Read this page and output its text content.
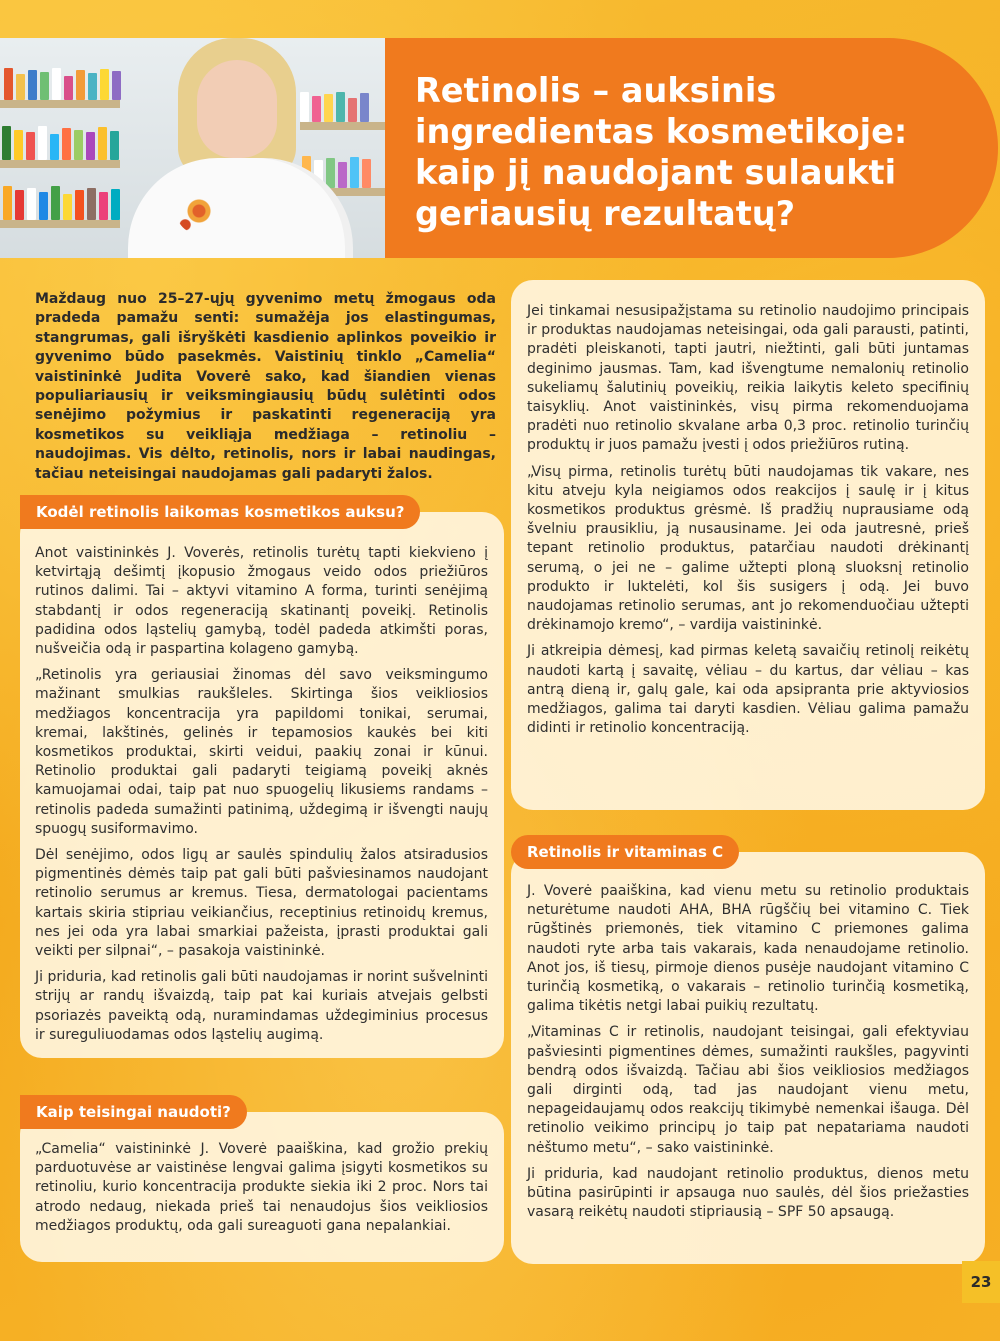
Retinolis – auksinis
ingredientas kosmetikoje:
kaip jį naudojant sulaukti
geriausių rezultatų?

Maždaug nuo 25–27-ųjų gyvenimo metų žmogaus oda pradeda pamažu senti: sumažėja jos elastingumas, stangrumas, gali išryškėti kasdienio aplinkos poveikio ir gyvenimo būdo pasekmės. Vaistinių tinklo „Camelia“ vaistininkė Judita Voverė sako, kad šiandien vienas populiariausių ir veiksmingiausių būdų sulėtinti odos senėjimo požymius ir paskatinti regeneraciją yra kosmetikos su veikliąja medžiaga – retinoliu – naudojimas. Vis dėlto, retinolis, nors ir labai naudingas, tačiau neteisingai naudojamas gali padaryti žalos.

Anot vaistininkės J. Voverės, retinolis turėtų tapti kiekvieno į ketvirtąją dešimtį įkopusio žmogaus veido odos priežiūros rutinos dalimi. Tai – aktyvi vitamino A forma, turinti senėjimą stabdantį ir odos regeneraciją skatinantį poveikį. Retinolis padidina odos ląstelių gamybą, todėl padeda atkimšti poras, nušveičia odą ir paspartina kolageno gamybą.

„Retinolis yra geriausiai žinomas dėl savo veiksmingumo mažinant smulkias raukšleles. Skirtinga šios veikliosios medžiagos koncentracija yra papildomi tonikai, serumai, kremai, lakštinės, gelinės ir tepamosios kaukės bei kiti kosmetikos produktai, skirti veidui, paakių zonai ir kūnui. Retinolio produktai gali padaryti teigiamą poveikį aknės kamuojamai odai, taip pat nuo spuogelių likusiems randams – retinolis padeda sumažinti patinimą, uždegimą ir išvengti naujų spuogų susiformavimo.

Dėl senėjimo, odos ligų ar saulės spindulių žalos atsiradusios pigmentinės dėmės taip pat gali būti pašviesinamos naudojant retinolio serumus ar kremus. Tiesa, dermatologai pacientams kartais skiria stipriau veikiančius, receptinius retinoidų kremus, nes jei oda yra labai smarkiai pažeista, įprasti produktai gali veikti per silpnai“, – pasakoja vaistininkė.

Ji priduria, kad retinolis gali būti naudojamas ir norint sušvelninti strijų ar randų išvaizdą, taip pat kai kuriais atvejais gelbsti psoriazės paveiktą odą, nuramindamas uždegiminius procesus ir sureguliuodamas odos ląstelių augimą.

Kodėl retinolis laikomas kosmetikos auksu?

„Camelia“ vaistininkė J. Voverė paaiškina, kad grožio prekių parduotuvėse ar vaistinėse lengvai galima įsigyti kosmetikos su retinoliu, kurio koncentracija produkte siekia iki 2 proc. Nors tai atrodo nedaug, niekada prieš tai nenaudojus šios veikliosios medžiagos produktų, oda gali sureaguoti gana nepalankiai.

Kaip teisingai naudoti?

Jei tinkamai nesusipažįstama su retinolio naudojimo principais ir produktas naudojamas neteisingai, oda gali parausti, patinti, pradėti pleiskanoti, tapti jautri, niežtinti, gali būti juntamas deginimo jausmas. Tam, kad išvengtume nemalonių retinolio sukeliamų šalutinių poveikių, reikia laikytis keleto specifinių taisyklių. Anot vaistininkės, visų pirma rekomenduojama pradėti nuo retinolio skvalane arba 0,3 proc. retinolio turinčių produktų ir juos pamažu įvesti į odos priežiūros rutiną.

„Visų pirma, retinolis turėtų būti naudojamas tik vakare, nes kitu atveju kyla neigiamos odos reakcijos į saulę ir į kitus kosmetikos produktus grėsmė. Iš pradžių nuprausiame odą švelniu prausikliu, ją nusausiname. Jei oda jautresnė, prieš tepant retinolio produktus, patarčiau naudoti drėkinantį serumą, o jei ne – galime užtepti ploną sluoksnį retinolio produkto ir luktelėti, kol šis susigers į odą. Jei buvo naudojamas retinolio serumas, ant jo rekomenduočiau užtepti drėkinamojo kremo“, – vardija vaistininkė.

Ji atkreipia dėmesį, kad pirmas keletą savaičių retinolį reikėtų naudoti kartą į savaitę, vėliau – du kartus, dar vėliau – kas antrą dieną ir, galų gale, kai oda apsipranta prie aktyviosios medžiagos, galima tai daryti kasdien. Vėliau galima pamažu didinti ir retinolio koncentraciją.

J. Voverė paaiškina, kad vienu metu su retinolio produktais neturėtume naudoti AHA, BHA rūgščių bei vitamino C. Tiek rūgštinės priemonės, tiek vitamino C priemones galima naudoti ryte arba tais vakarais, kada nenaudojame retinolio. Anot jos, iš tiesų, pirmoje dienos pusėje naudojant vitamino C turinčią kosmetiką, o vakarais – retinolio turinčią kosmetiką, galima tikėtis netgi labai puikių rezultatų.

„Vitaminas C ir retinolis, naudojant teisingai, gali efektyviau pašviesinti pigmentines dėmes, sumažinti raukšles, pagyvinti bendrą odos išvaizdą. Tačiau abi šios veikliosios medžiagos gali dirginti odą, tad jas naudojant vienu metu, nepageidaujamų odos reakcijų tikimybė nemenkai išauga. Dėl retinolio veikimo principų jo taip pat nepatariama naudoti nėštumo metu“, – sako vaistininkė.

Ji priduria, kad naudojant retinolio produktus, dienos metu būtina pasirūpinti ir apsauga nuo saulės, dėl šios priežasties vasarą reikėtų naudoti stipriausią – SPF 50 apsaugą.

Retinolis ir vitaminas C
23
